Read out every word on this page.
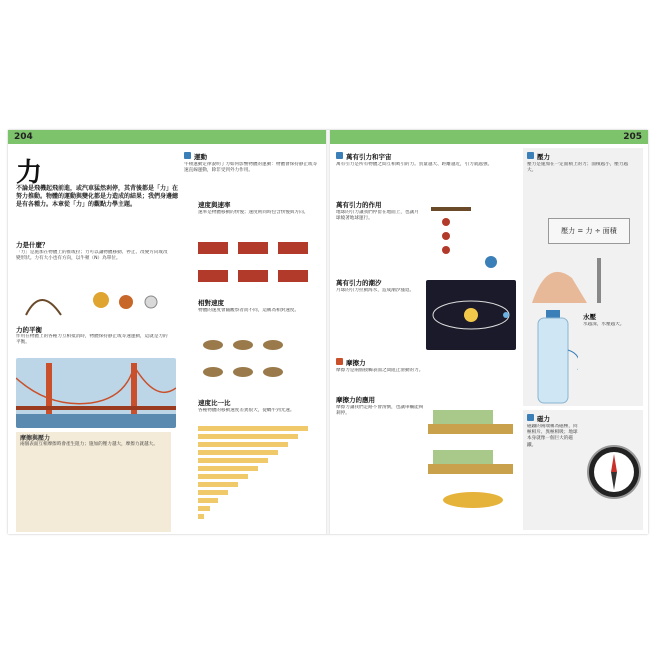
204	205
力
不論是飛機起飛前進，或汽車猛然剎停，其背後都是「力」在努力推動。物體的運動與變化都是力造成的結果；我們身邊總是有各種力。本章從「力」的觀點力學主題。
力是什麼？
「力」是施加在物體上的推或拉；力可以讓物體移動、停止、改變方向或改變形狀。力有大小也有方向，以牛頓（N）為單位。
力的平衡
作用在物體上的各種力互相抵消時，物體保持靜止或等速運動，這就是力的平衡。
摩擦與壓力
兩個表面互相摩擦時會產生阻力；施加的壓力越大，摩擦力就越大。
運動
牛頓運動定律說明了力如何影響物體的運動：物體會保持靜止或等速直線運動，除非受到外力作用。
速度與速率
速率是物體移動的快慢；速度則同時包含快慢與方向。
相對速度
物體的速度會隨觀察者而不同，這稱為相對速度。
速度比一比
各種物體的移動速度差異很大，從蝸牛到光速。
萬有引力和宇宙
萬有引力是所有物體之間互相吸引的力。質量越大、距離越近，引力就越強。
萬有引力的作用
地球的引力讓我們停留在地面上，也讓月球繞著地球運行。
萬有引力的潮汐
月球的引力拉動海水，造成潮汐漲退。
摩擦力
摩擦力是兩個接觸表面之間阻止滑動的力。
摩擦力的應用
摩擦力讓我們走路不會滑倒，也讓車輛能夠剎停。
壓力
壓力是施加在一定面積上的力；面積越小，壓力越大。
壓力 = 力 ÷ 面積
水壓
水越深，水壓越大。
磁力
磁鐵的兩端稱為磁極，同極相斥、異極相吸；地球本身就像一個巨大的磁鐵。
